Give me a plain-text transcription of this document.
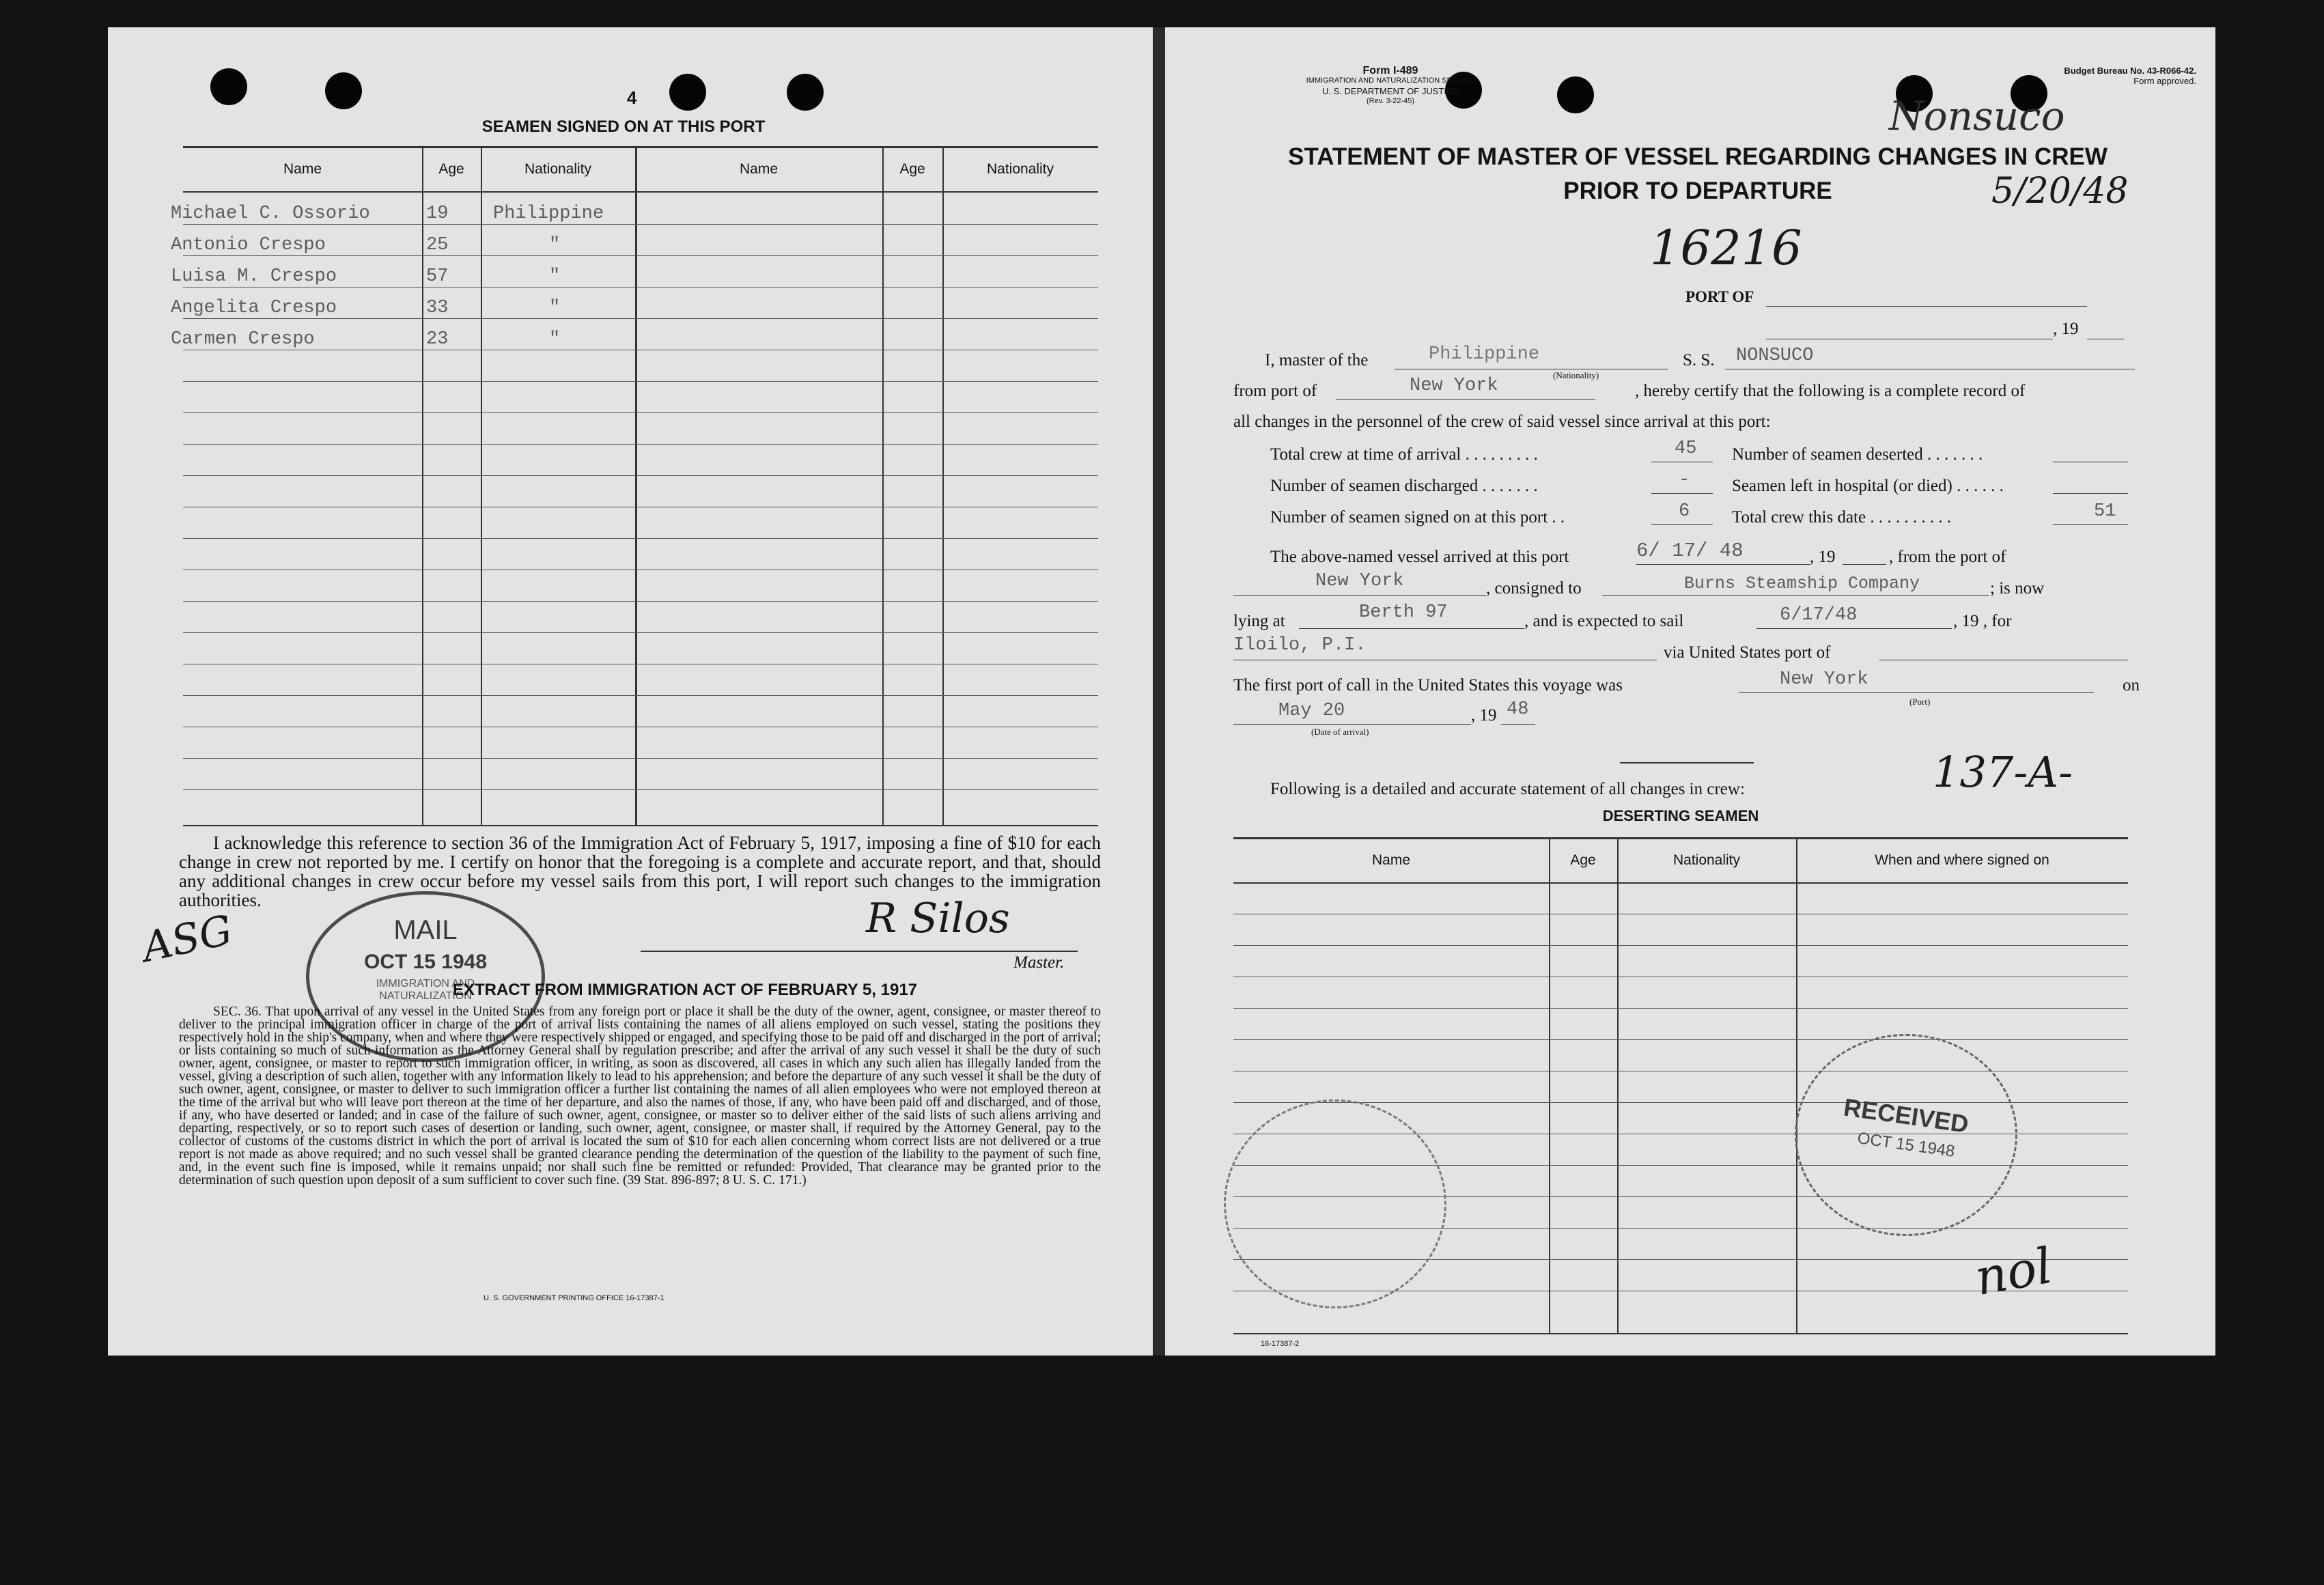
4
SEAMEN SIGNED ON AT THIS PORT
Name	Age	Nationality	Name	Age	Nationality
Michael C. Ossorio	19 Philippine
Antonio Crespo	25	"
Luisa M. Crespo	57	"
Angelita Crespo	33	"
Carmen Crespo	23	"
I acknowledge this reference to section 36 of the Immigration Act of February 5, 1917, imposing a fine of $10 for each change in crew not reported by me. I certify on honor that the foregoing is a complete and accurate report, and that, should any additional changes in crew occur before my vessel sails from this port, I will report such changes to the immigration authorities.	R Silos
Master.
ASG	MAIL
OCT 15 1948
IMMIGRATION AND NATURALIZATION
EXTRACT FROM IMMIGRATION ACT OF FEBRUARY 5, 1917
SEC. 36. That upon arrival of any vessel in the United States from any foreign port or place it shall be the duty of the owner, agent, consignee, or master thereof to deliver to the principal immigration officer in charge of the port of arrival lists containing the names of all aliens employed on such vessel, stating the positions they respectively hold in the ship's company, when and where they were respectively shipped or engaged, and specifying those to be paid off and discharged in the port of arrival; or lists containing so much of such information as the Attorney General shall by regulation prescribe; and after the arrival of any such vessel it shall be the duty of such owner, agent, consignee, or master to report to such immigration officer, in writing, as soon as discovered, all cases in which any such alien has illegally landed from the vessel, giving a description of such alien, together with any information likely to lead to his apprehension; and before the departure of any such vessel it shall be the duty of such owner, agent, consignee, or master to deliver to such immigration officer a further list containing the names of all alien employees who were not employed thereon at the time of the arrival but who will leave port thereon at the time of her departure, and also the names of those, if any, who have been paid off and discharged, and of those, if any, who have deserted or landed; and in case of the failure of such owner, agent, consignee, or master so to deliver either of the said lists of such aliens arriving and departing, respectively, or so to report such cases of desertion or landing, such owner, agent, consignee, or master shall, if required by the Attorney General, pay to the collector of customs of the customs district in which the port of arrival is located the sum of $10 for each alien concerning whom correct lists are not delivered or a true report is not made as above required; and no such vessel shall be granted clearance pending the determination of the question of the liability to the payment of such fine, and, in the event such fine is imposed, while it remains unpaid; nor shall such fine be remitted or refunded: Provided, That clearance may be granted prior to the determination of such question upon deposit of a sum sufficient to cover such fine. (39 Stat. 896-897; 8 U. S. C. 171.)
U. S. GOVERNMENT PRINTING OFFICE 16-17387-1
Form I-489
IMMIGRATION AND NATURALIZATION SERVICE
U. S. DEPARTMENT OF JUSTICE
(Rev. 3-22-45)
Budget Bureau No. 43-R066-42.
Form approved.
Nonsuco
5/20/48
STATEMENT OF MASTER OF VESSEL REGARDING CHANGES IN CREW
PRIOR TO DEPARTURE
16216
PORT OF
, 19
I, master of the	Philippine
(Nationality)
S. S. NONSUCO
from port of	New York	, hereby certify that the following is a complete record of
all changes in the personnel of the crew of said vessel since arrival at this port:
Total crew at time of arrival . . . . . . . . .	45 Number of seamen deserted . . . . . . .
Number of seamen discharged . . . . . . .	- Seamen left in hospital (or died) . . . . . .
Number of seamen signed on at this port . .	6 Total crew this date . . . . . . . . . .	51
The above-named vessel arrived at this port	6/ 17/ 48	, 19	, from the port of
New York	, consigned to	Burns Steamship Company	; is now
lying at	Berth 97	, and is expected to sail	6/17/48	, 19 , for
Iloilo, P.I.	via United States port of
The first port of call in the United States this voyage was	New York
(Port)
on
May 20
(Date of arrival)
, 19 48
137-A-
Following is a detailed and accurate statement of all changes in crew:
DESERTING SEAMEN
Name	Age	Nationality	When and where signed on
RECEIVED
OCT 15 1948
nol
16-17387-2
